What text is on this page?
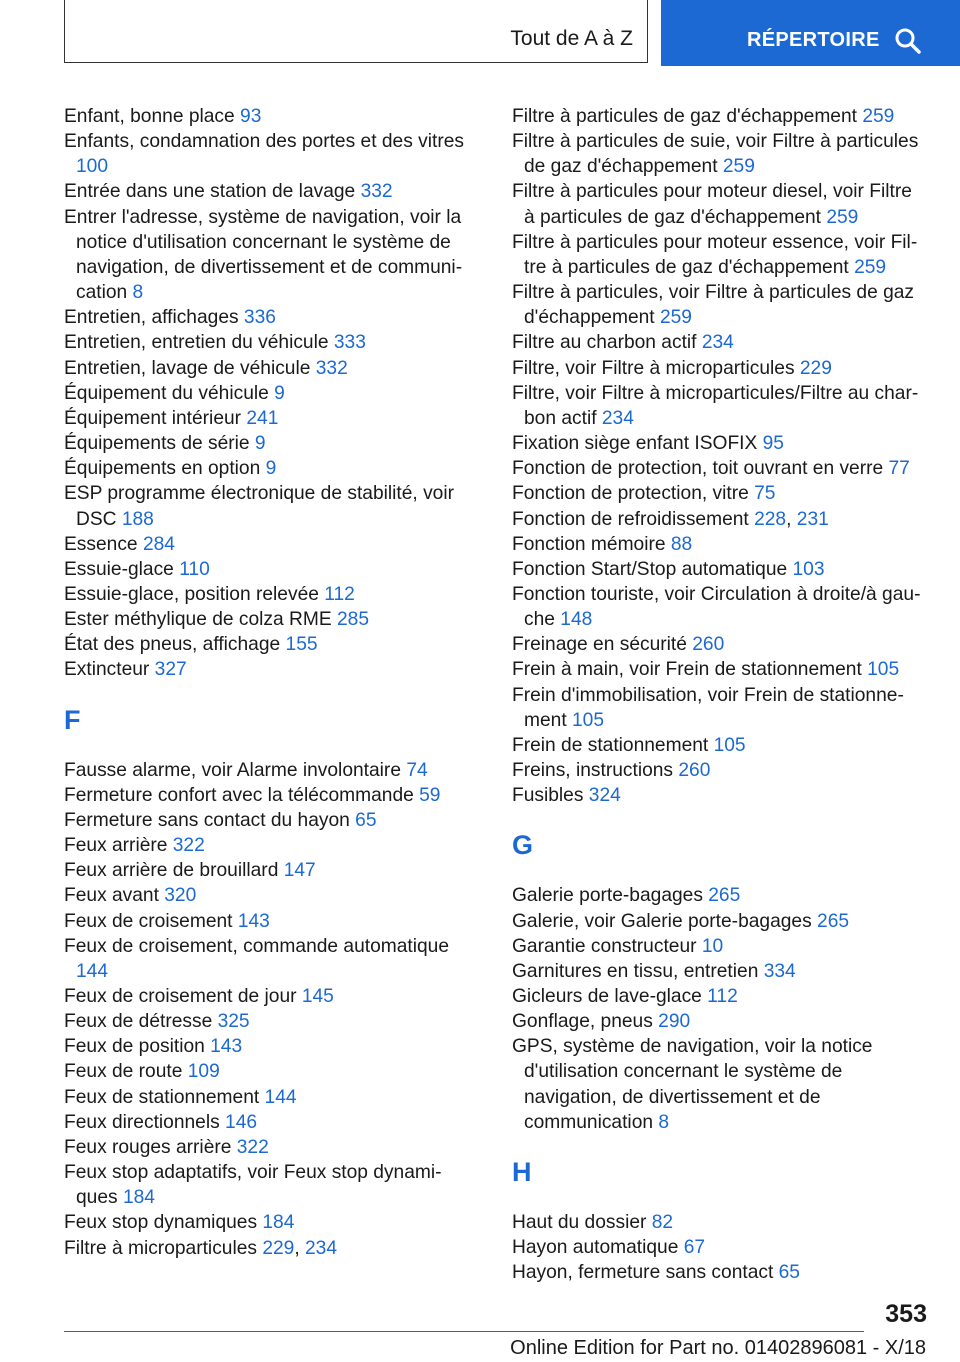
Tout de A à Z	RÉPERTOIRE
Enfant, bonne place 93
Enfants, condamnation des portes et des vitres 100
Entrée dans une station de lavage 332
Entrer l'adresse, système de navigation, voir la notice d'utilisation concernant le système de navigation, de divertissement et de communication 8
Entretien, affichages 336
Entretien, entretien du véhicule 333
Entretien, lavage de véhicule 332
Équipement du véhicule 9
Équipement intérieur 241
Équipements de série 9
Équipements en option 9
ESP programme électronique de stabilité, voir DSC 188
Essence 284
Essuie-glace 110
Essuie-glace, position relevée 112
Ester méthylique de colza RME 285
État des pneus, affichage 155
Extincteur 327
F
Fausse alarme, voir Alarme involontaire 74
Fermeture confort avec la télécommande 59
Fermeture sans contact du hayon 65
Feux arrière 322
Feux arrière de brouillard 147
Feux avant 320
Feux de croisement 143
Feux de croisement, commande automatique 144
Feux de croisement de jour 145
Feux de détresse 325
Feux de position 143
Feux de route 109
Feux de stationnement 144
Feux directionnels 146
Feux rouges arrière 322
Feux stop adaptatifs, voir Feux stop dynamiques 184
Feux stop dynamiques 184
Filtre à microparticules 229, 234
Filtre à particules de gaz d'échappement 259
Filtre à particules de suie, voir Filtre à particules de gaz d'échappement 259
Filtre à particules pour moteur diesel, voir Filtre à particules de gaz d'échappement 259
Filtre à particules pour moteur essence, voir Filtre à particules de gaz d'échappement 259
Filtre à particules, voir Filtre à particules de gaz d'échappement 259
Filtre au charbon actif 234
Filtre, voir Filtre à microparticules 229
Filtre, voir Filtre à microparticules/Filtre au charbon actif 234
Fixation siège enfant ISOFIX 95
Fonction de protection, toit ouvrant en verre 77
Fonction de protection, vitre 75
Fonction de refroidissement 228, 231
Fonction mémoire 88
Fonction Start/Stop automatique 103
Fonction touriste, voir Circulation à droite/à gauche 148
Freinage en sécurité 260
Frein à main, voir Frein de stationnement 105
Frein d'immobilisation, voir Frein de stationnement 105
Frein de stationnement 105
Freins, instructions 260
Fusibles 324
G
Galerie porte-bagages 265
Galerie, voir Galerie porte-bagages 265
Garantie constructeur 10
Garnitures en tissu, entretien 334
Gicleurs de lave-glace 112
Gonflage, pneus 290
GPS, système de navigation, voir la notice d'utilisation concernant le système de navigation, de divertissement et de communication 8
H
Haut du dossier 82
Hayon automatique 67
Hayon, fermeture sans contact 65
353
Online Edition for Part no. 01402896081 - X/18
